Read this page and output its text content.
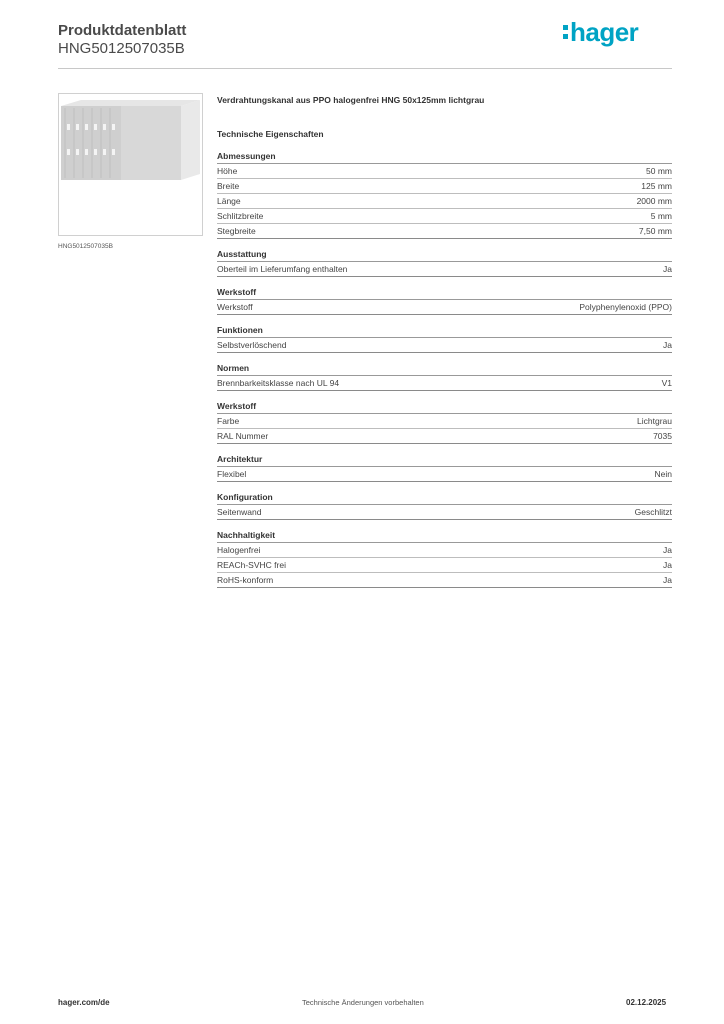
Produktdatenblatt
HNG5012507035B
hager
HNG5012507035B
Verdrahtungskanal aus PPO halogenfrei HNG 50x125mm lichtgrau
Technische Eigenschaften
Abmessungen
Höhe	50 mm
Breite	125 mm
Länge	2000 mm
Schlitzbreite	5 mm
Stegbreite	7,50 mm
Ausstattung
Oberteil im Lieferumfang enthalten	Ja
Werkstoff
Werkstoff	Polyphenylenoxid (PPO)
Funktionen
Selbstverlöschend	Ja
Normen
Brennbarkeitsklasse nach UL 94	V1
Werkstoff
Farbe	Lichtgrau
RAL Nummer	7035
Architektur
Flexibel	Nein
Konfiguration
Seitenwand	Geschlitzt
Nachhaltigkeit
Halogenfrei	Ja
REACh-SVHC frei	Ja
RoHS-konform	Ja
hager.com/de	Technische Änderungen vorbehalten	02.12.2025
